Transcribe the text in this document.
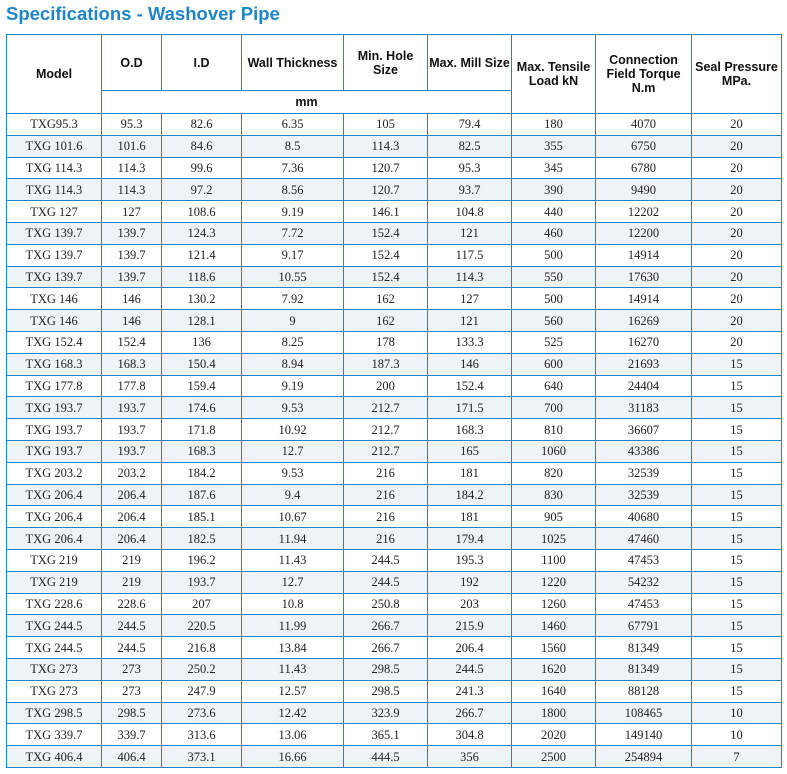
Specifications - Washover Pipe
Model	O.D	I.D	Wall Thickness	Min. Hole Size	Max. Mill Size	Max. Tensile Load kN	Connection Field Torque N.m	Seal Pressure MPa.
	mm							
TXG95.3	95.3	82.6	6.35	105	79.4	180	4070	20
TXG 101.6	101.6	84.6	8.5	114.3	82.5	355	6750	20
TXG 114.3	114.3	99.6	7.36	120.7	95.3	345	6780	20
TXG 114.3	114.3	97.2	8.56	120.7	93.7	390	9490	20
TXG 127	127	108.6	9.19	146.1	104.8	440	12202	20
TXG 139.7	139.7	124.3	7.72	152.4	121	460	12200	20
TXG 139.7	139.7	121.4	9.17	152.4	117.5	500	14914	20
TXG 139.7	139.7	118.6	10.55	152.4	114.3	550	17630	20
TXG 146	146	130.2	7.92	162	127	500	14914	20
TXG 146	146	128.1	9	162	121	560	16269	20
TXG 152.4	152.4	136	8.25	178	133.3	525	16270	20
TXG 168.3	168.3	150.4	8.94	187.3	146	600	21693	15
TXG 177.8	177.8	159.4	9.19	200	152.4	640	24404	15
TXG 193.7	193.7	174.6	9.53	212.7	171.5	700	31183	15
TXG 193.7	193.7	171.8	10.92	212.7	168.3	810	36607	15
TXG 193.7	193.7	168.3	12.7	212.7	165	1060	43386	15
TXG 203.2	203.2	184.2	9.53	216	181	820	32539	15
TXG 206.4	206.4	187.6	9.4	216	184.2	830	32539	15
TXG 206.4	206.4	185.1	10.67	216	181	905	40680	15
TXG 206.4	206.4	182.5	11.94	216	179.4	1025	47460	15
TXG 219	219	196.2	11.43	244.5	195.3	1100	47453	15
TXG 219	219	193.7	12.7	244.5	192	1220	54232	15
TXG 228.6	228.6	207	10.8	250.8	203	1260	47453	15
TXG 244.5	244.5	220.5	11.99	266.7	215.9	1460	67791	15
TXG 244.5	244.5	216.8	13.84	266.7	206.4	1560	81349	15
TXG 273	273	250.2	11.43	298.5	244.5	1620	81349	15
TXG 273	273	247.9	12.57	298.5	241.3	1640	88128	15
TXG 298.5	298.5	273.6	12.42	323.9	266.7	1800	108465	10
TXG 339.7	339.7	313.6	13.06	365.1	304.8	2020	149140	10
TXG 406.4	406.4	373.1	16.66	444.5	356	2500	254894	7
